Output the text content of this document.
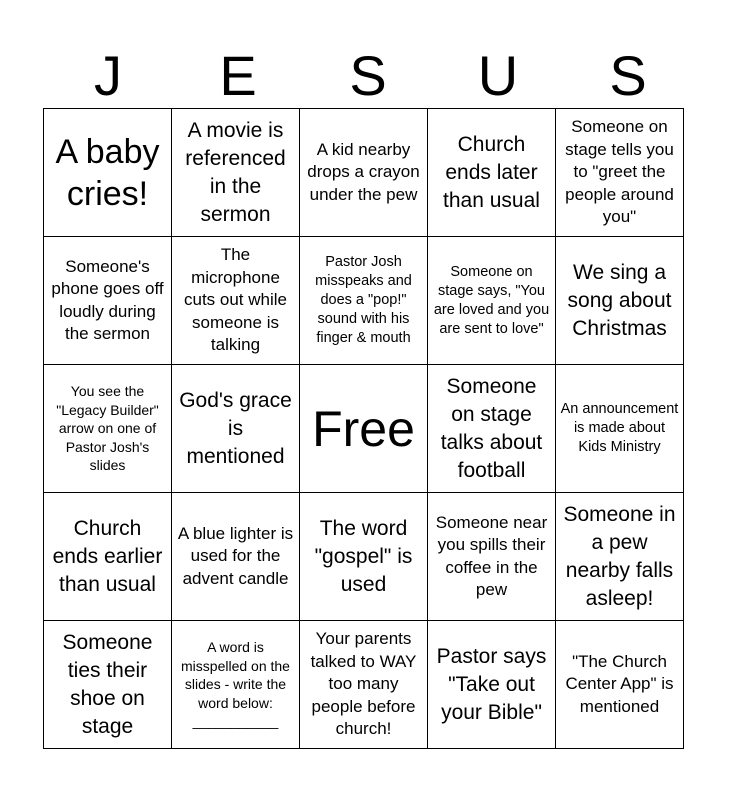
J	E	S	U	S
A baby cries!	A movie is referenced in the sermon	A kid nearby drops a crayon under the pew	Church ends later than usual	Someone on stage tells you to "greet the people around you"
Someone's phone goes off loudly during the sermon	The microphone cuts out while someone is talking	Pastor Josh misspeaks and does a "pop!" sound with his finger & mouth	Someone on stage says, "You are loved and you are sent to love"	We sing a song about Christmas
You see the "Legacy Builder" arrow on one of Pastor Josh's slides	God's grace is mentioned	Free	Someone on stage talks about football	An announcement is made about Kids Ministry
Church ends earlier than usual	A blue lighter is used for the advent candle	The word "gospel" is used	Someone near you spills their coffee in the pew	Someone in a pew nearby falls asleep!
Someone ties their shoe on stage	A word is misspelled on the slides - write the word below: ___________	Your parents talked to WAY too many people before church!	Pastor says "Take out your Bible"	"The Church Center App" is mentioned
